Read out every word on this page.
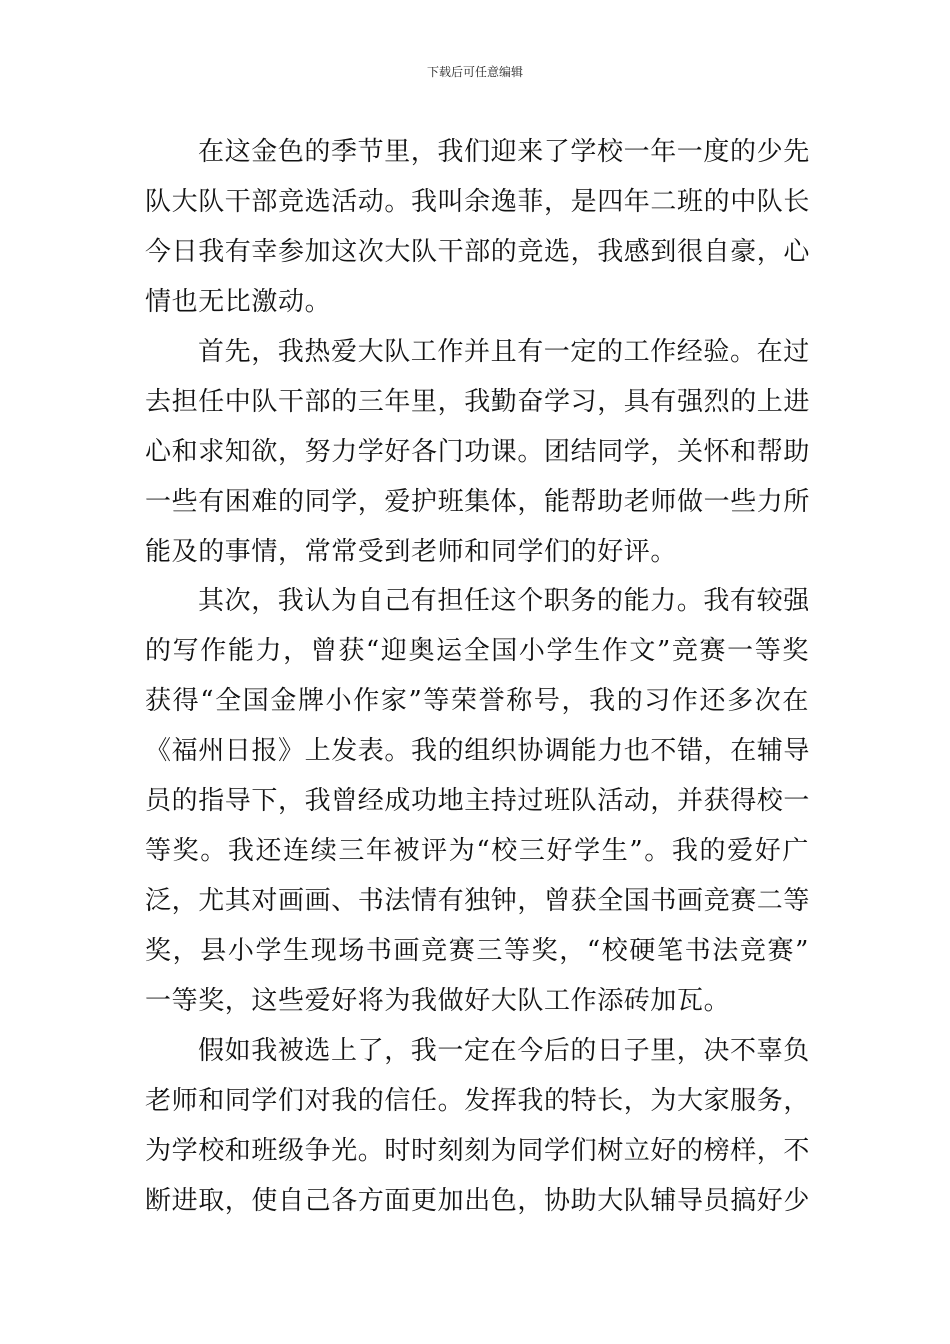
下载后可任意编辑
在这金色的季节里，我们迎来了学校一年一度的少先
队大队干部竞选活动。我叫余逸菲，是四年二班的中队长
今日我有幸参加这次大队干部的竞选，我感到很自豪，心
情也无比激动。
首先，我热爱大队工作并且有一定的工作经验。在过
去担任中队干部的三年里，我勤奋学习，具有强烈的上进
心和求知欲，努力学好各门功课。团结同学，关怀和帮助
一些有困难的同学，爱护班集体，能帮助老师做一些力所
能及的事情，常常受到老师和同学们的好评。
其次，我认为自己有担任这个职务的能力。我有较强
的写作能力，曾获“迎奥运全国小学生作文”竞赛一等奖
获得“全国金牌小作家”等荣誉称号，我的习作还多次在
《福州日报》上发表。我的组织协调能力也不错，在辅导
员的指导下，我曾经成功地主持过班队活动，并获得校一
等奖。我还连续三年被评为“校三好学生”。我的爱好广
泛，尤其对画画、书法情有独钟，曾获全国书画竞赛二等
奖，县小学生现场书画竞赛三等奖，“校硬笔书法竞赛”
一等奖，这些爱好将为我做好大队工作添砖加瓦。
假如我被选上了，我一定在今后的日子里，决不辜负
老师和同学们对我的信任。发挥我的特长，为大家服务，
为学校和班级争光。时时刻刻为同学们树立好的榜样，不
断进取，使自己各方面更加出色，协助大队辅导员搞好少
